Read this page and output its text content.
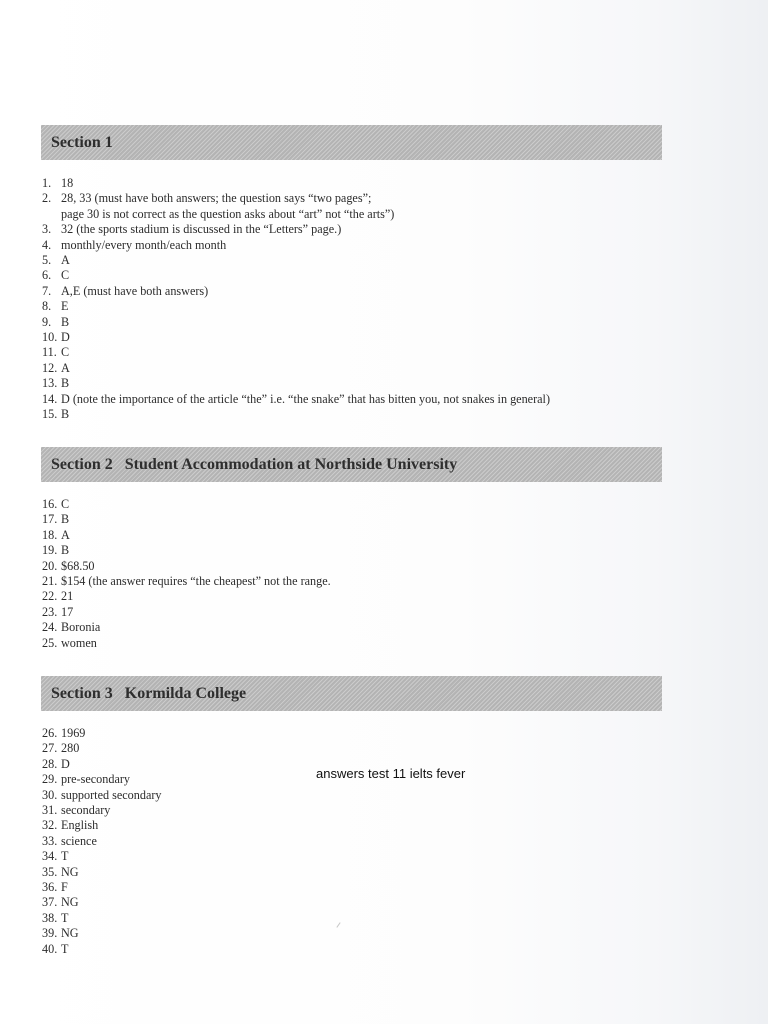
Section 1
1. 18
2. 28, 33 (must have both answers; the question says “two pages”;
page 30 is not correct as the question asks about “art” not “the arts”)
3. 32 (the sports stadium is discussed in the “Letters” page.)
4. monthly/every month/each month
5. A
6. C
7. A,E (must have both answers)
8. E
9. B
10. D
11. C
12. A
13. B
14. D (note the importance of the article “the” i.e. “the snake” that has bitten you, not snakes in general)
15. B
Section 2 Student Accommodation at Northside University
16. C
17. B
18. A
19. B
20. $68.50
21. $154 (the answer requires “the cheapest” not the range.
22. 21
23. 17
24. Boronia
25. women
Section 3 Kormilda College
26. 1969
27. 280
28. D
29. pre-secondary
30. supported secondary
31. secondary
32. English
33. science
34. T
35. NG
36. F
37. NG
38. T
39. NG
40. T
answers test 11 ielts fever
